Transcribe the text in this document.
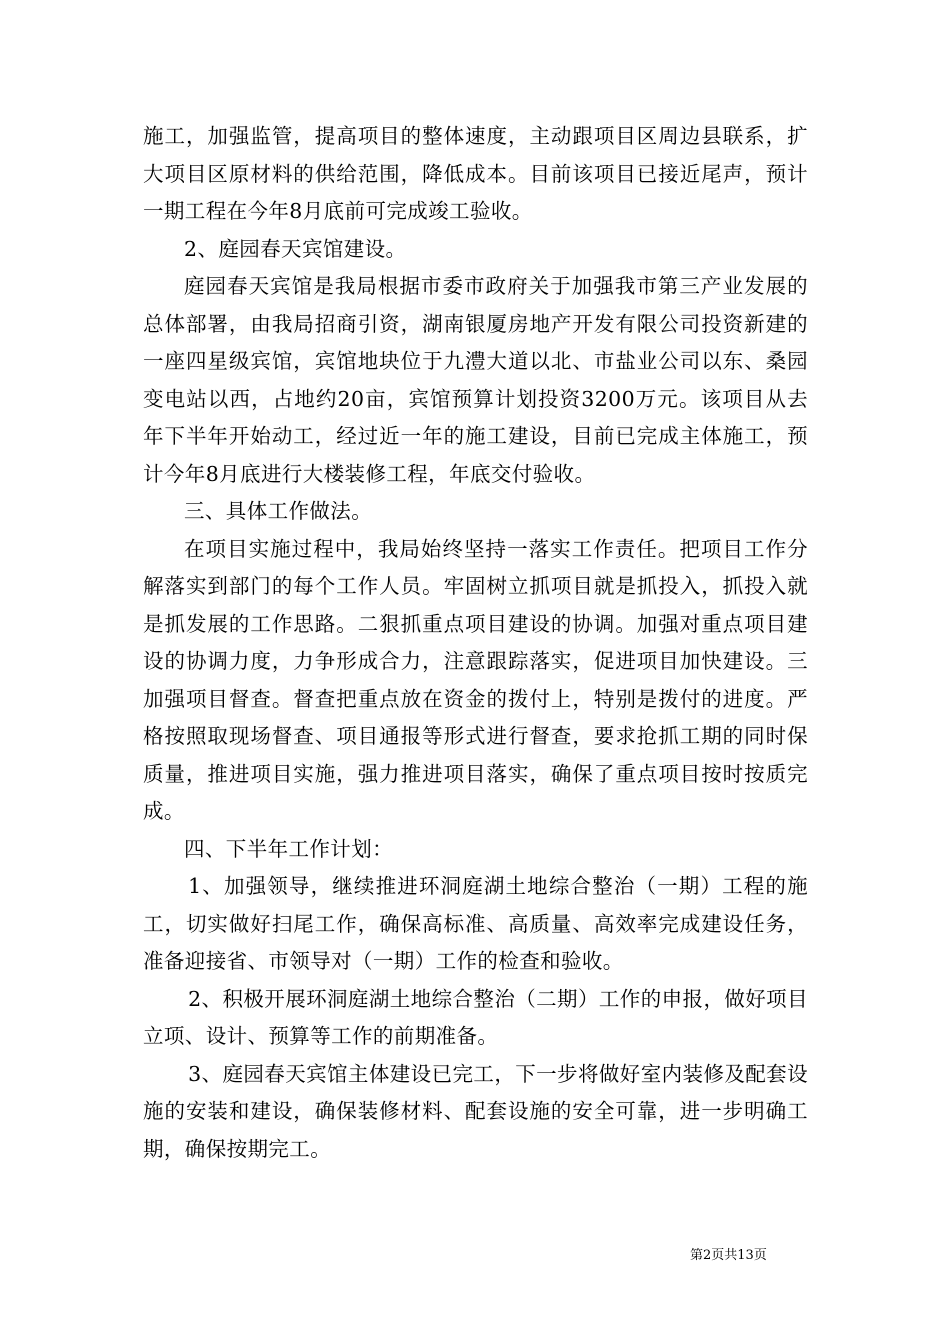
施工，加强监管，提高项目的整体速度，主动跟项目区周边县联系，扩大项目区原材料的供给范围，降低成本。目前该项目已接近尾声，预计一期工程在今年8月底前可完成竣工验收。

2、庭园春天宾馆建设。

庭园春天宾馆是我局根据市委市政府关于加强我市第三产业发展的总体部署，由我局招商引资，湖南银厦房地产开发有限公司投资新建的一座四星级宾馆，宾馆地块位于九澧大道以北、市盐业公司以东、桑园变电站以西，占地约20亩，宾馆预算计划投资3200万元。该项目从去年下半年开始动工，经过近一年的施工建设，目前已完成主体施工，预计今年8月底进行大楼装修工程，年底交付验收。

三、具体工作做法。

在项目实施过程中，我局始终坚持一落实工作责任。把项目工作分解落实到部门的每个工作人员。牢固树立抓项目就是抓投入，抓投入就是抓发展的工作思路。二狠抓重点项目建设的协调。加强对重点项目建设的协调力度，力争形成合力，注意跟踪落实，促进项目加快建设。三加强项目督查。督查把重点放在资金的拨付上，特别是拨付的进度。严格按照取现场督查、项目通报等形式进行督查，要求抢抓工期的同时保质量，推进项目实施，强力推进项目落实，确保了重点项目按时按质完成。

四、下半年工作计划：

1、加强领导，继续推进环洞庭湖土地综合整治（一期）工程的施工，切实做好扫尾工作，确保高标准、高质量、高效率完成建设任务，准备迎接省、市领导对（一期）工作的检查和验收。

2、积极开展环洞庭湖土地综合整治（二期）工作的申报，做好项目立项、设计、预算等工作的前期准备。

3、庭园春天宾馆主体建设已完工，下一步将做好室内装修及配套设施的安装和建设，确保装修材料、配套设施的安全可靠，进一步明确工期，确保按期完工。

第2页共13页
